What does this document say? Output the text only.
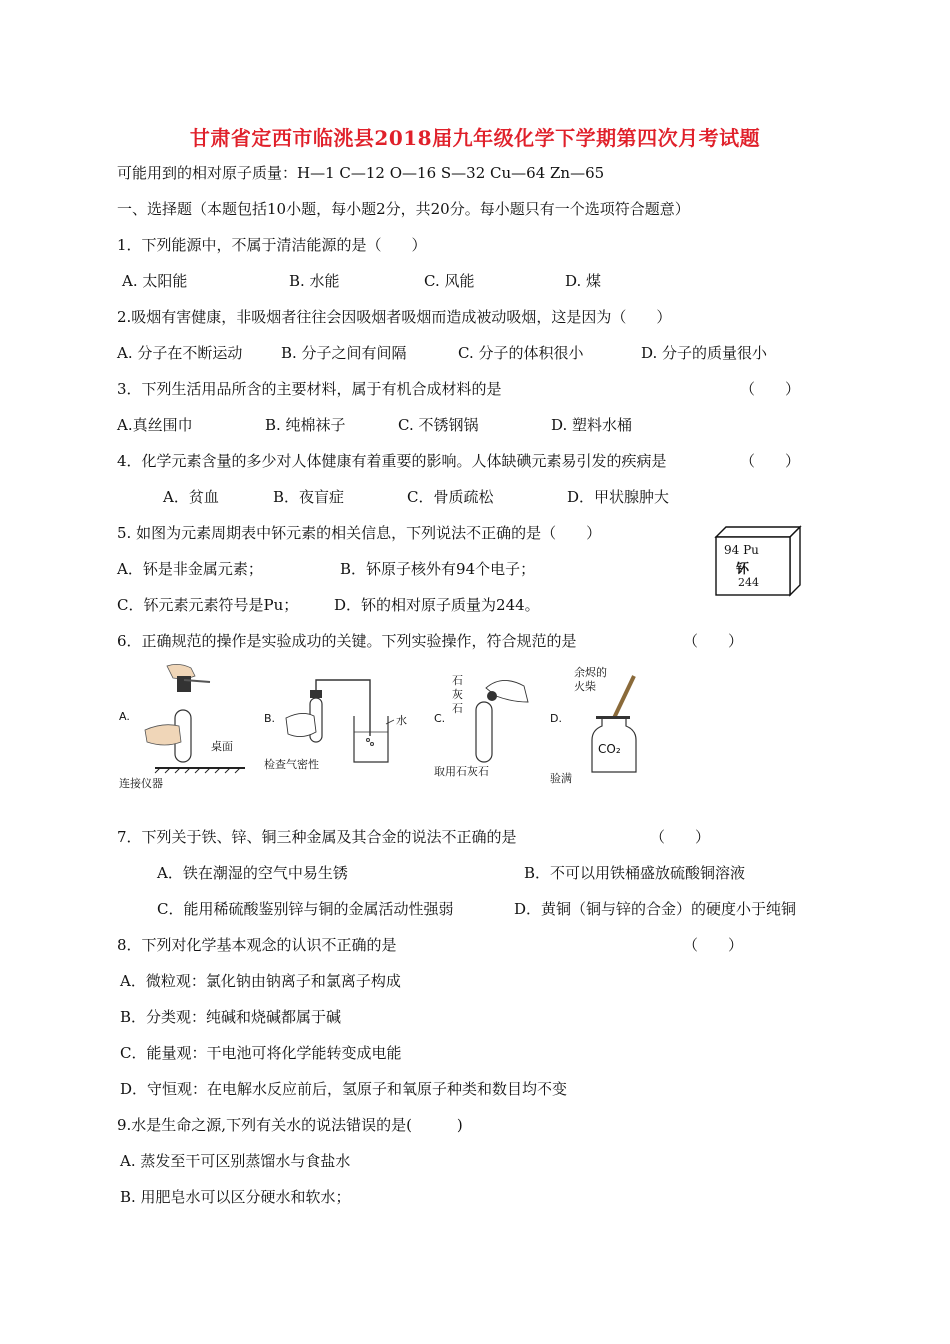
甘肃省定西市临洮县2018届九年级化学下学期第四次月考试题
可能用到的相对原子质量：H—1 C—12 O—16 S—32 Cu—64 Zn—65
一、选择题（本题包括10小题，每小题2分，共20分。每小题只有一个选项符合题意）
1．下列能源中，不属于清洁能源的是（　　）
A. 太阳能	B. 水能	C. 风能	D. 煤
2.吸烟有害健康，非吸烟者往往会因吸烟者吸烟而造成被动吸烟，这是因为（　　）
A. 分子在不断运动	B. 分子之间有间隔	C. 分子的体积很小	D. 分子的质量很小
3．下列生活用品所含的主要材料，属于有机合成材料的是	（　　）
A.真丝围巾	B. 纯棉袜子	C. 不锈钢锅	D. 塑料水桶
4．化学元素含量的多少对人体健康有着重要的影响。人体缺碘元素易引发的疾病是	（　　）
A．贫血	B．夜盲症	C．骨质疏松	D．甲状腺肿大
5. 如图为元素周期表中钚元素的相关信息，下列说法不正确的是（　　）
A．钚是非金属元素；	B．钚原子核外有94个电子；
C．钚元素元素符号是Pu； D．钚的相对原子质量为244。
94 Pu
钚
244
6．正确规范的操作是实验成功的关键。下列实验操作，符合规范的是	（　　）
A.
桌面
连接仪器
B.	水
检查气密性
石
灰
石
C.
取用石灰石
余烬的
火柴
D.
CO₂
验满
7．下列关于铁、锌、铜三种金属及其合金的说法不正确的是	（　　）
A．铁在潮湿的空气中易生锈	B．不可以用铁桶盛放硫酸铜溶液
C．能用稀硫酸鉴别锌与铜的金属活动性强弱	D．黄铜（铜与锌的合金）的硬度小于纯铜
8．下列对化学基本观念的认识不正确的是	（　　）
A．微粒观：氯化钠由钠离子和氯离子构成
B．分类观：纯碱和烧碱都属于碱
C．能量观：干电池可将化学能转变成电能
D．守恒观：在电解水反应前后，氢原子和氧原子种类和数目均不变
9.水是生命之源,下列有关水的说法错误的是(　　　)
A. 蒸发至干可区别蒸馏水与食盐水
B. 用肥皂水可以区分硬水和软水；
